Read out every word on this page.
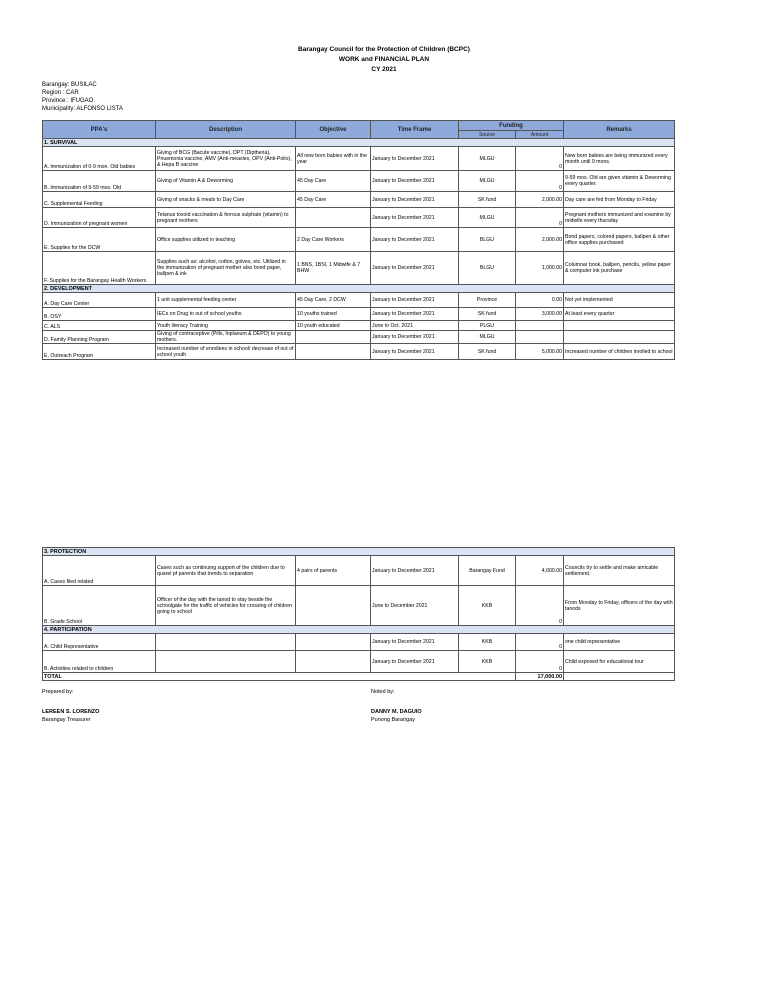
Barangay Council for the Protection of Children (BCPC)
WORK and FINANCIAL PLAN
CY 2021
Barangay: BUSILAC
Region : CAR
Province : IFUGAO
Municipality: ALFONSO LISTA
PPA's	Description	Objective	Time Frame	Funding		Remarks
				Source	Amount	
1. SURVIVAL						
A. Immunization of 0-9 mon. Old babies	Giving of BCG (Bacute vaccine), DPT (Diptheria), Pnuemonia vaccine, AMV (Anti-measles, OPV (Anti-Polio), & Hepa B vaccine	All new born babies with in the year	January to December 2021	MLGU	0	New born babies are being immunized every month until 9 mons.
B. Immunization of 9-59 mos. Old	Giving of Vitamin A & Deworming	45 Day Care	January to December 2021	MLGU	0	9-59 mos. Old are given vitamin & Deworming every quarter.
C. Supplemental Feeding	Giving of snacks & meals to Day Care	45 Day Care	January to December 2021	SK fund	2,000.00	Day care are fed from Monday to Friday
D. Immunization of pregnant women	Tetanus toxoid vaccination & ferrous sulphate (vitamin) to pregnant mothers		January to December 2021	MLGU	0	Pregnant mothers immunized and examine by midwife every thursday
E. Supplies for the DCW	Office supplies utilized in teaching	2 Day Care Workers	January to December 2021	BLGU	2,000.00	Bond papers, colored papers, ballpen & other office supplies purchased
F. Supplies for the Barangay Health Workers	Supplies such as: alcohol, cotton, golves, etc. Utilized in the immunization of pregnant mother also bond paper, ballpen & ink	1 BNS, 1BSI, 1 Midwife & 7 BHW	January to December 2021	BLGU	1,000.00	Columnar book, ballpen, pencils, yellow paper & computer ink purchase
2. DEVELOPMENT						
A. Day Care Center	1 unit supplemental feeding center	45 Day Care, 2 DCW	January to December 2021	Province	0.00	Not yet implemented
B. OSY	IECs on Drug to out of school youths	10 youths trained	January to December 2021	SK fund	3,000.00	At least every quarter
C. ALS	Youth literacy Training	10 youth educated	June to Oct. 2021	PLGU		
D. Family Planning Program	Giving of contraceptive (Pills, Inplanum & DEPO) to young mothers.		January to December 2021	MLGU		
E. Outreach Program	Increased number of enrollees in school/ decrease of out of school youth		January to December 2021	SK fund	5,000.00	Increased number of children inrolled to school
3. PROTECTION						
A. Cases filed related	Cases such as continuing support of the children due to quarel pf parents that trends to separation	4 pairs of parents	January to December 2021	Barangay Fund	4,000.00	Councils try to settle and make amicable settlement.
B. Grade School	Officer of the day with the tanod to stay beside the schoolgate for the traffic of vehicles for crossing of children going to school		June to December 2021	KKB	0	From Monday to Friday, officers of the day with tanods
4. PARTICIPATION						
A. Child Representative			January to December 2021	KKB	0	one child representative
B. Activities related to children			January to December 2021	KKB	0	Child exposed for educational tour
TOTAL					17,000.00	
Prepared by:
LEREEN S. LORENZO
Barangay Treasurer
Noted by:
DANNY M. DAGUIO
Punong Barangay
